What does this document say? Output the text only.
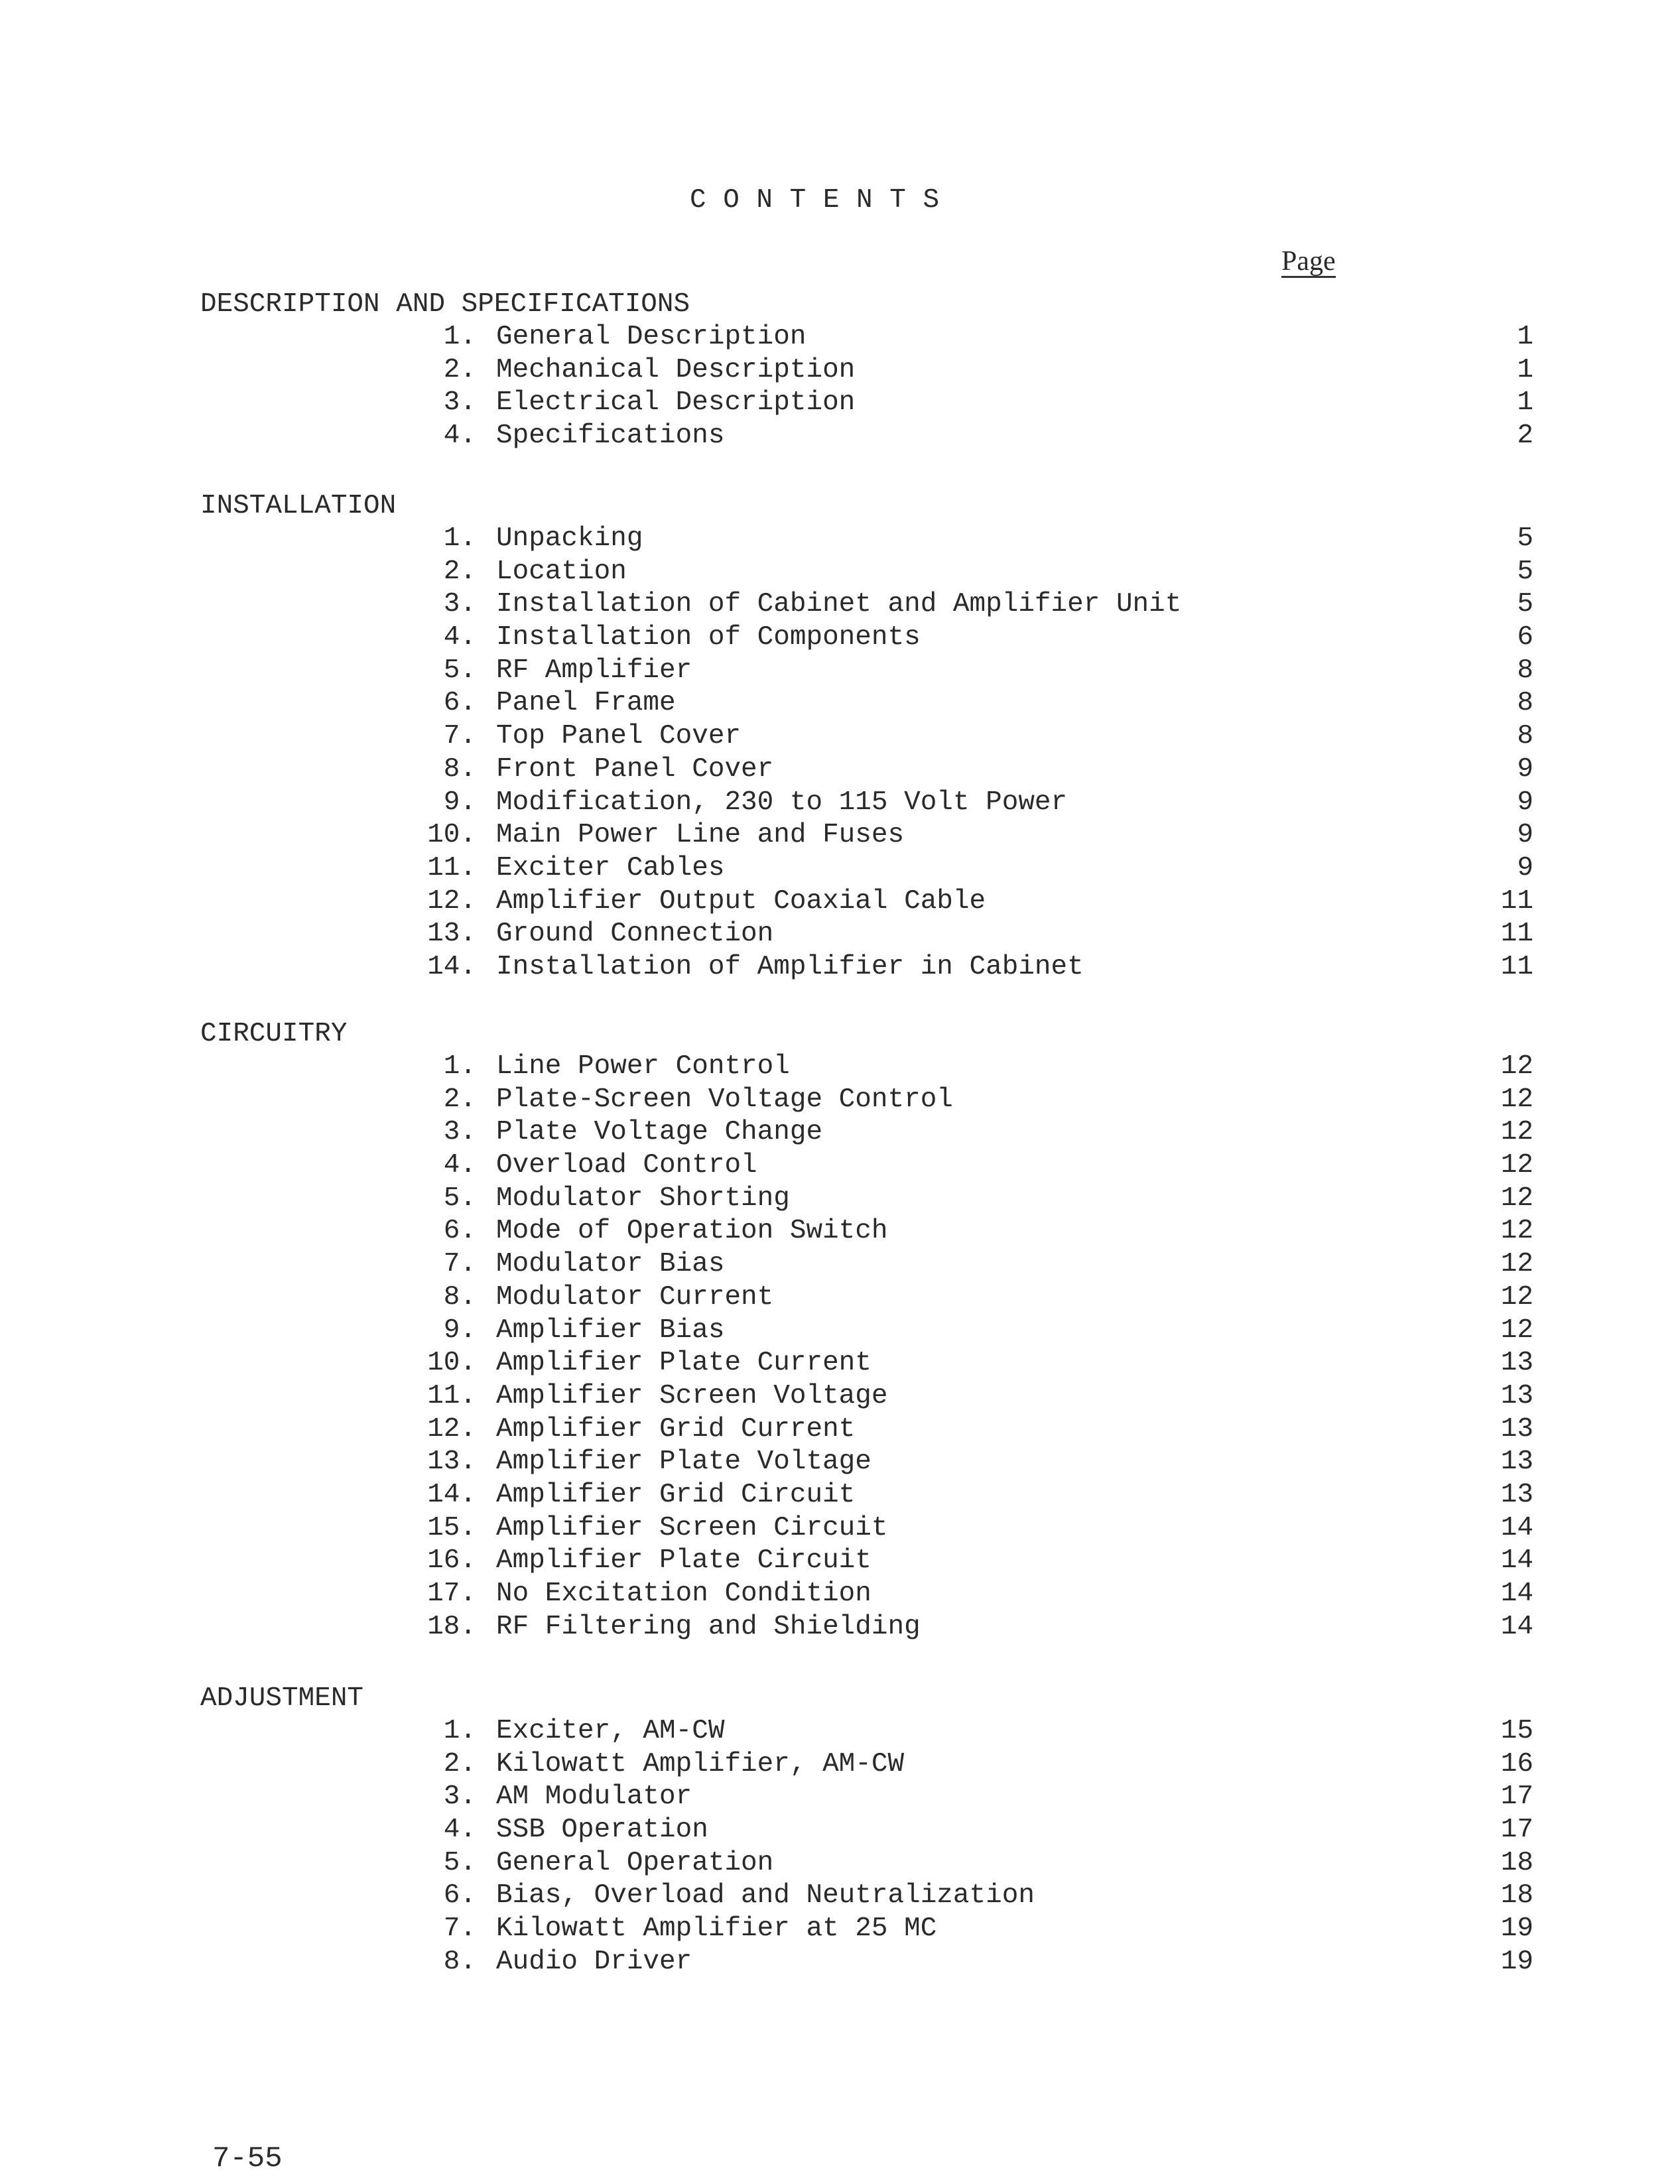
C O N T E N T S
Page
DESCRIPTION AND SPECIFICATIONS
1. General Description	1
2. Mechanical Description	1
3. Electrical Description	1
4. Specifications	2
INSTALLATION
1. Unpacking	5
2. Location	5
3. Installation of Cabinet and Amplifier Unit	5
4. Installation of Components	6
5. RF Amplifier	8
6. Panel Frame	8
7. Top Panel Cover	8
8. Front Panel Cover	9
9. Modification, 230 to 115 Volt Power	9
10. Main Power Line and Fuses	9
11. Exciter Cables	9
12. Amplifier Output Coaxial Cable	11
13. Ground Connection	11
14. Installation of Amplifier in Cabinet	11
CIRCUITRY
1. Line Power Control	12
2. Plate-Screen Voltage Control	12
3. Plate Voltage Change	12
4. Overload Control	12
5. Modulator Shorting	12
6. Mode of Operation Switch	12
7. Modulator Bias	12
8. Modulator Current	12
9. Amplifier Bias	12
10. Amplifier Plate Current	13
11. Amplifier Screen Voltage	13
12. Amplifier Grid Current	13
13. Amplifier Plate Voltage	13
14. Amplifier Grid Circuit	13
15. Amplifier Screen Circuit	14
16. Amplifier Plate Circuit	14
17. No Excitation Condition	14
18. RF Filtering and Shielding	14
ADJUSTMENT
1. Exciter, AM-CW	15
2. Kilowatt Amplifier, AM-CW	16
3. AM Modulator	17
4. SSB Operation	17
5. General Operation	18
6. Bias, Overload and Neutralization	18
7. Kilowatt Amplifier at 25 MC	19
8. Audio Driver	19
7-55
